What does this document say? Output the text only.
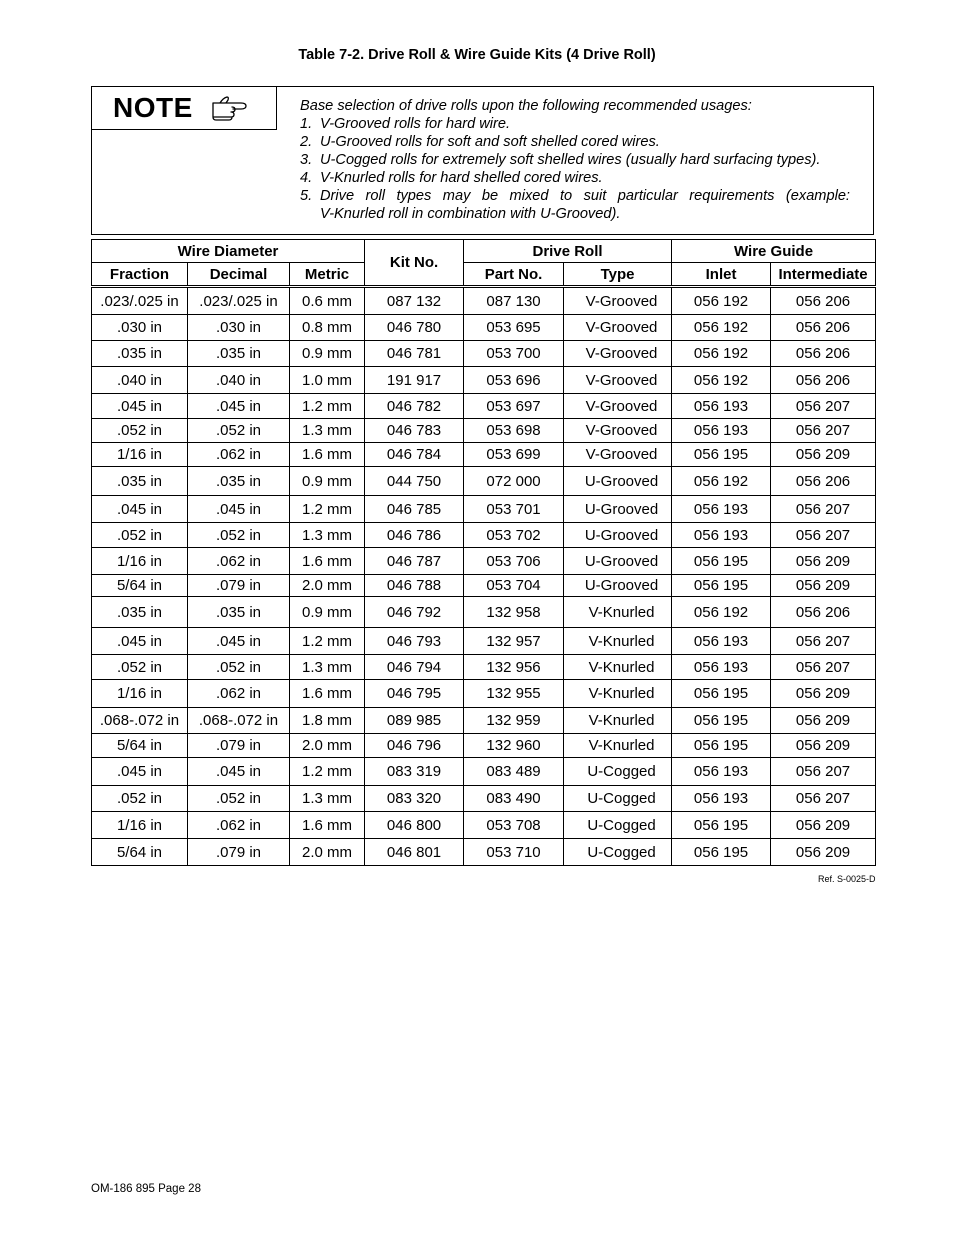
Table 7-2. Drive Roll & Wire Guide Kits (4 Drive Roll)
NOTE	Base selection of drive rolls upon the following recommended usages:
1. V-Grooved rolls for hard wire.
2. U-Grooved rolls for soft and soft shelled cored wires.
3. U-Cogged rolls for extremely soft shelled wires (usually hard surfacing types).
4. V-Knurled rolls for hard shelled cored wires.
5. Drive roll types may be mixed to suit particular requirements (example:
V-Knurled roll in combination with U-Grooved).
Wire Diameter			Kit No.	Drive Roll		Wire Guide	
Fraction	Decimal	Metric		Part No.	Type	Inlet	Intermediate
.023/.025 in	.023/.025 in	0.6 mm	087 132	087 130	V-Grooved	056 192	056 206
.030 in	.030 in	0.8 mm	046 780	053 695	V-Grooved	056 192	056 206
.035 in	.035 in	0.9 mm	046 781	053 700	V-Grooved	056 192	056 206
.040 in	.040 in	1.0 mm	191 917	053 696	V-Grooved	056 192	056 206
.045 in	.045 in	1.2 mm	046 782	053 697	V-Grooved	056 193	056 207
.052 in	.052 in	1.3 mm	046 783	053 698	V-Grooved	056 193	056 207
1/16 in	.062 in	1.6 mm	046 784	053 699	V-Grooved	056 195	056 209
.035 in	.035 in	0.9 mm	044 750	072 000	U-Grooved	056 192	056 206
.045 in	.045 in	1.2 mm	046 785	053 701	U-Grooved	056 193	056 207
.052 in	.052 in	1.3 mm	046 786	053 702	U-Grooved	056 193	056 207
1/16 in	.062 in	1.6 mm	046 787	053 706	U-Grooved	056 195	056 209
5/64 in	.079 in	2.0 mm	046 788	053 704	U-Grooved	056 195	056 209
.035 in	.035 in	0.9 mm	046 792	132 958	V-Knurled	056 192	056 206
.045 in	.045 in	1.2 mm	046 793	132 957	V-Knurled	056 193	056 207
.052 in	.052 in	1.3 mm	046 794	132 956	V-Knurled	056 193	056 207
1/16 in	.062 in	1.6 mm	046 795	132 955	V-Knurled	056 195	056 209
.068-.072 in	.068-.072 in	1.8 mm	089 985	132 959	V-Knurled	056 195	056 209
5/64 in	.079 in	2.0 mm	046 796	132 960	V-Knurled	056 195	056 209
.045 in	.045 in	1.2 mm	083 319	083 489	U-Cogged	056 193	056 207
.052 in	.052 in	1.3 mm	083 320	083 490	U-Cogged	056 193	056 207
1/16 in	.062 in	1.6 mm	046 800	053 708	U-Cogged	056 195	056 209
5/64 in	.079 in	2.0 mm	046 801	053 710	U-Cogged	056 195	056 209
Ref. S-0025-D
OM-186 895 Page 28
